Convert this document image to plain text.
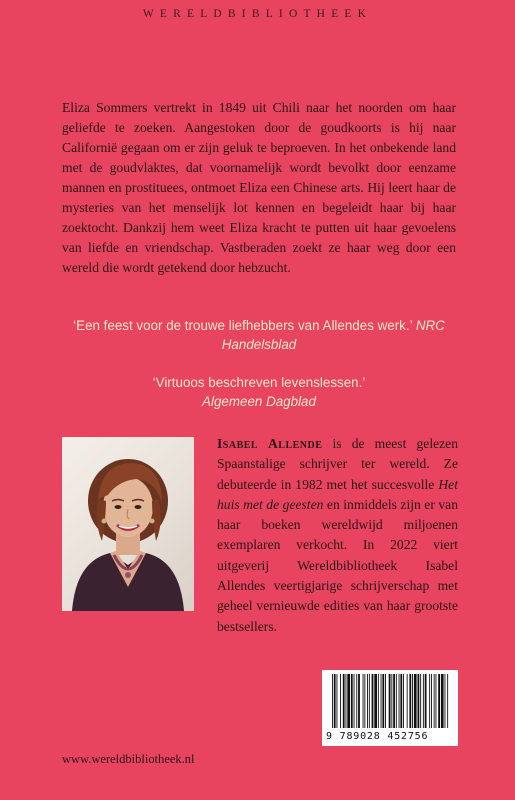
WERELDBIBLIOTHEEK
Eliza Sommers vertrekt in 1849 uit Chili naar het noorden om haar geliefde te zoeken. Aangestoken door de goudkoorts is hij naar Californië gegaan om er zijn geluk te beproeven. In het onbekende land met de goudvlaktes, dat voornamelijk wordt bevolkt door eenzame mannen en prostituees, ontmoet Eliza een Chinese arts. Hij leert haar de mysteries van het menselijk lot kennen en begeleidt haar bij haar zoektocht. Dankzij hem weet Eliza kracht te putten uit haar gevoelens van liefde en vriendschap. Vastberaden zoekt ze haar weg door een wereld die wordt getekend door hebzucht.
‘Een feest voor de trouwe liefhebbers van Allendes werk.’ NRC Handelsblad
‘Virtuoos beschreven levenslessen.’
Algemeen Dagblad
Isabel Allende is de meest gelezen Spaanstalige schrijver ter wereld. Ze debuteerde in 1982 met het succesvolle Het huis met de geesten en inmiddels zijn er van haar boeken wereldwijd miljoenen exemplaren verkocht. In 2022 viert uitgeverij Wereldbibliotheek Isabel Allendes veertigjarige schrijverschap met geheel vernieuwde edities van haar grootste bestsellers.
9 789028 452756
www.wereldbibliotheek.nl
